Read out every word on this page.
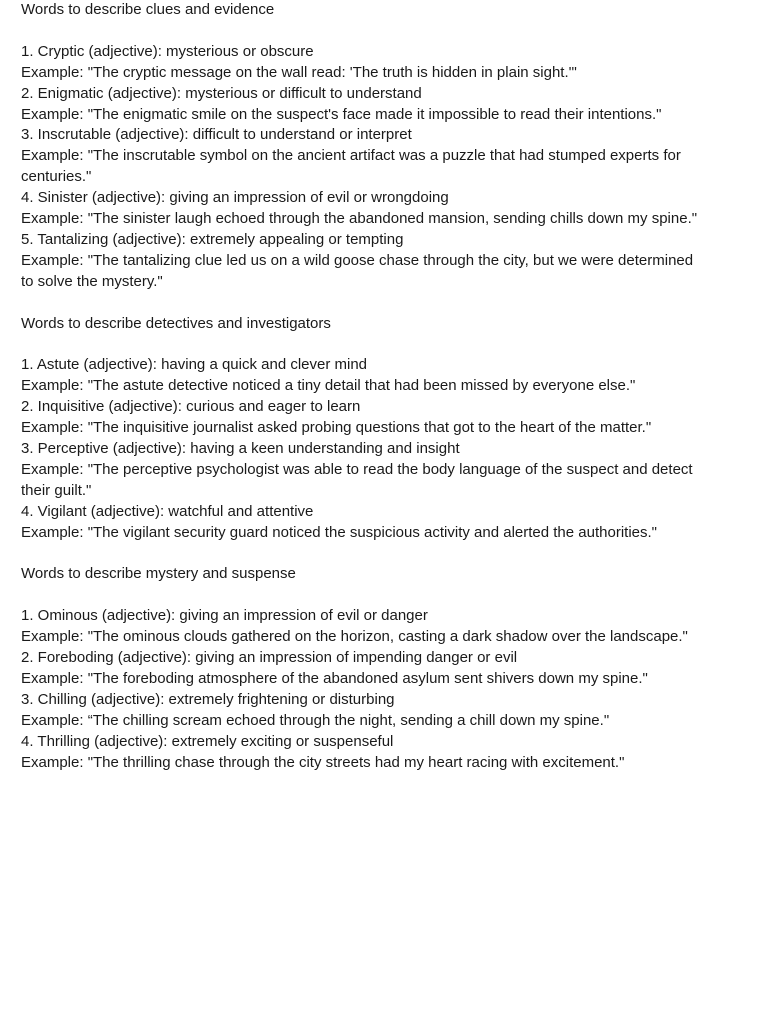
Words to describe clues and evidence

1. Cryptic (adjective): mysterious or obscure

Example: "The cryptic message on the wall read: 'The truth is hidden in plain sight.'"

2. Enigmatic (adjective): mysterious or difficult to understand

Example: "The enigmatic smile on the suspect's face made it impossible to read their intentions."

3. Inscrutable (adjective): difficult to understand or interpret

Example: "The inscrutable symbol on the ancient artifact was a puzzle that had stumped experts for centuries."

4. Sinister (adjective): giving an impression of evil or wrongdoing

Example: "The sinister laugh echoed through the abandoned mansion, sending chills down my spine."

5. Tantalizing (adjective): extremely appealing or tempting

Example: "The tantalizing clue led us on a wild goose chase through the city, but we were determined to solve the mystery."

Words to describe detectives and investigators

1. Astute (adjective): having a quick and clever mind

Example: "The astute detective noticed a tiny detail that had been missed by everyone else."

2. Inquisitive (adjective): curious and eager to learn

Example: "The inquisitive journalist asked probing questions that got to the heart of the matter."

3. Perceptive (adjective): having a keen understanding and insight

Example: "The perceptive psychologist was able to read the body language of the suspect and detect their guilt."

4. Vigilant (adjective): watchful and attentive

Example: "The vigilant security guard noticed the suspicious activity and alerted the authorities."

Words to describe mystery and suspense

1. Ominous (adjective): giving an impression of evil or danger

Example: "The ominous clouds gathered on the horizon, casting a dark shadow over the landscape."

2. Foreboding (adjective): giving an impression of impending danger or evil

Example: "The foreboding atmosphere of the abandoned asylum sent shivers down my spine."

3. Chilling (adjective): extremely frightening or disturbing

Example: “The chilling scream echoed through the night, sending a chill down my spine."

4. Thrilling (adjective): extremely exciting or suspenseful

Example: "The thrilling chase through the city streets had my heart racing with excitement."
